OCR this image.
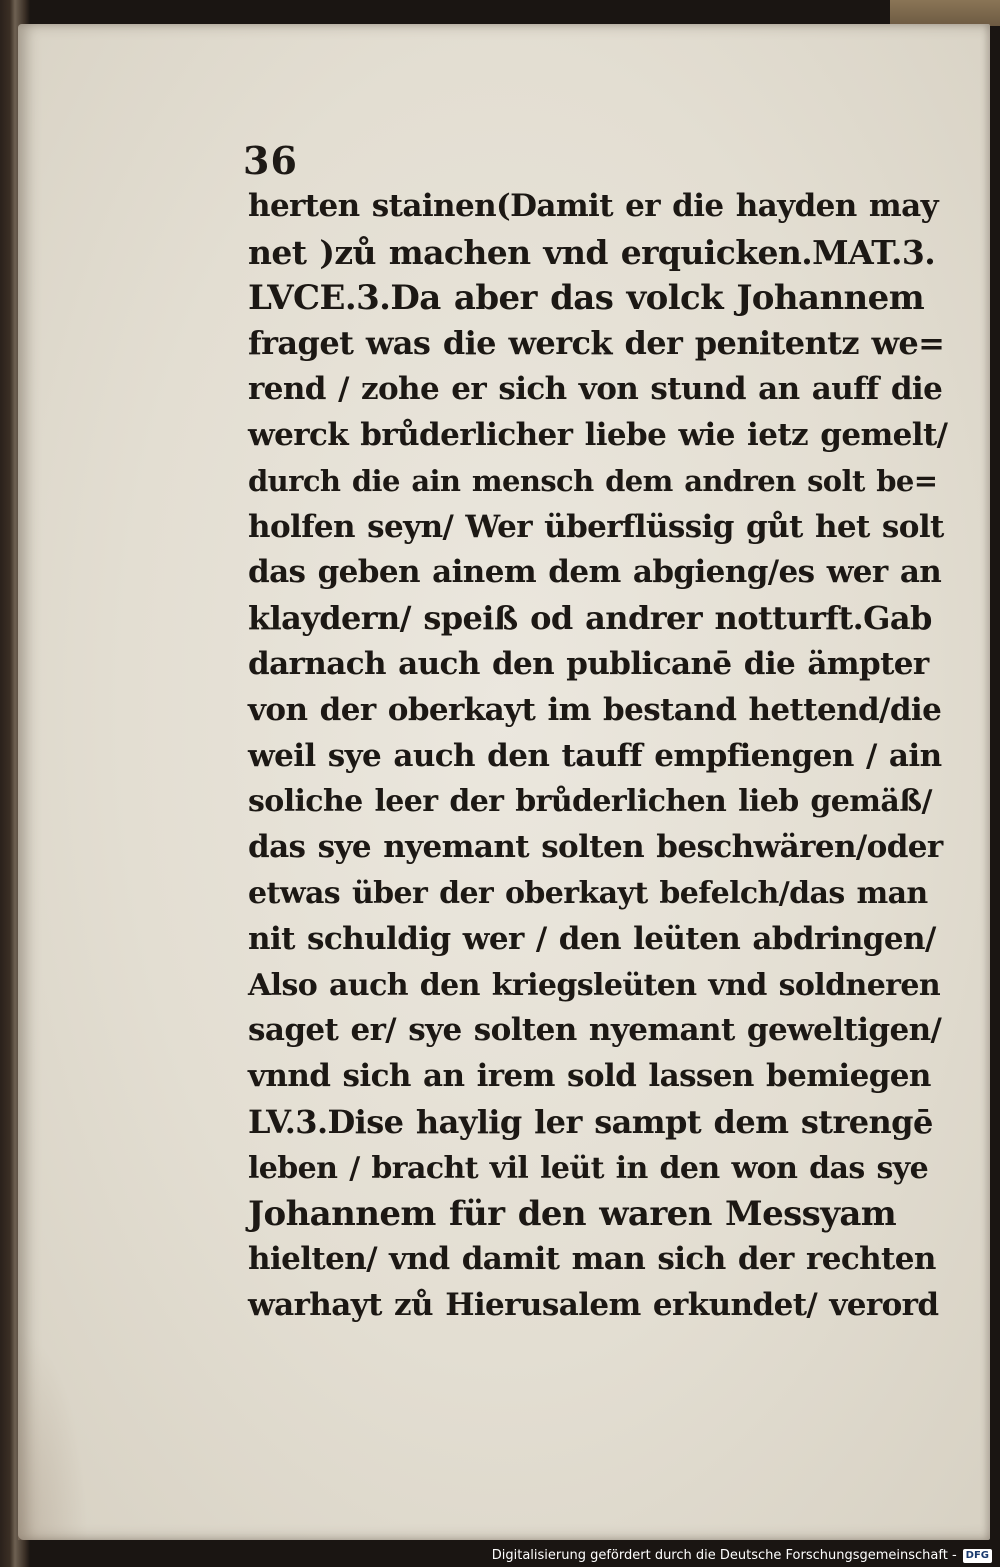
36
herten stainen(Damit er die hayden may
net )zů machen vnd erquicken.MAT.3.
LVCE.3.Da aber das volck Johannem
fraget was die werck der penitentz we=
rend / zohe er sich von stund an auff die
werck brůderlicher liebe wie ietz gemelt/
durch die ain mensch dem andren solt be=
holfen seyn/ Wer überflüssig gůt het solt
das geben ainem dem abgieng/es wer an
klaydern/ speiß od andrer notturft.Gab
darnach auch den publicanē die ämpter
von der oberkayt im bestand hettend/die
weil sye auch den tauff empfiengen / ain
soliche leer der brůderlichen lieb gemäß/
das sye nyemant solten beschwären/oder
etwas über der oberkayt befelch/das man
nit schuldig wer / den leüten abdringen/
Also auch den kriegsleüten vnd soldneren
saget er/ sye solten nyemant geweltigen/
vnnd sich an irem sold lassen bemiegen
LV.3.Dise haylig ler sampt dem strengē
leben / bracht vil leüt in den won das sye
Johannem für den waren Messyam
hielten/ vnd damit man sich der rechten
warhayt zů Hierusalem erkundet/ verord
Digitalisierung gefördert durch die Deutsche Forschungsgemeinschaft - DFG
